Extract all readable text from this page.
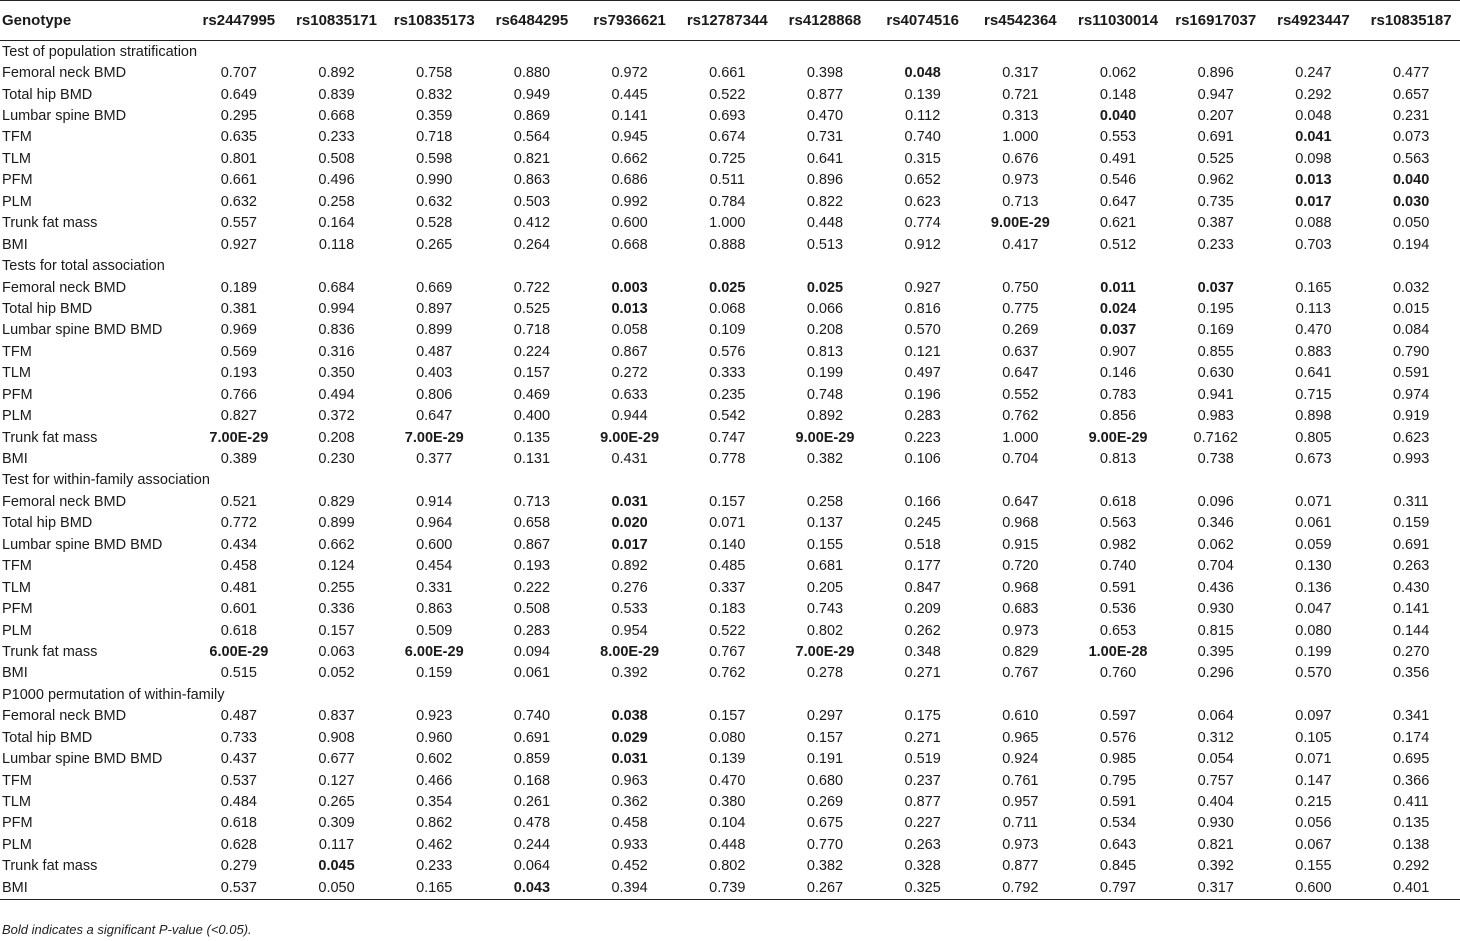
Genotype	rs2447995	rs10835171	rs10835173	rs6484295	rs7936621	rs12787344	rs4128868	rs4074516	rs4542364	rs11030014	rs16917037	rs4923447	rs10835187
Test of population stratification													
Femoral neck BMD	0.707	0.892	0.758	0.880	0.972	0.661	0.398	0.048	0.317	0.062	0.896	0.247	0.477
Total hip BMD	0.649	0.839	0.832	0.949	0.445	0.522	0.877	0.139	0.721	0.148	0.947	0.292	0.657
Lumbar spine BMD	0.295	0.668	0.359	0.869	0.141	0.693	0.470	0.112	0.313	0.040	0.207	0.048	0.231
TFM	0.635	0.233	0.718	0.564	0.945	0.674	0.731	0.740	1.000	0.553	0.691	0.041	0.073
TLM	0.801	0.508	0.598	0.821	0.662	0.725	0.641	0.315	0.676	0.491	0.525	0.098	0.563
PFM	0.661	0.496	0.990	0.863	0.686	0.511	0.896	0.652	0.973	0.546	0.962	0.013	0.040
PLM	0.632	0.258	0.632	0.503	0.992	0.784	0.822	0.623	0.713	0.647	0.735	0.017	0.030
Trunk fat mass	0.557	0.164	0.528	0.412	0.600	1.000	0.448	0.774	9.00E-29	0.621	0.387	0.088	0.050
BMI	0.927	0.118	0.265	0.264	0.668	0.888	0.513	0.912	0.417	0.512	0.233	0.703	0.194
Tests for total association													
Femoral neck BMD	0.189	0.684	0.669	0.722	0.003	0.025	0.025	0.927	0.750	0.011	0.037	0.165	0.032
Total hip BMD	0.381	0.994	0.897	0.525	0.013	0.068	0.066	0.816	0.775	0.024	0.195	0.113	0.015
Lumbar spine BMD BMD	0.969	0.836	0.899	0.718	0.058	0.109	0.208	0.570	0.269	0.037	0.169	0.470	0.084
TFM	0.569	0.316	0.487	0.224	0.867	0.576	0.813	0.121	0.637	0.907	0.855	0.883	0.790
TLM	0.193	0.350	0.403	0.157	0.272	0.333	0.199	0.497	0.647	0.146	0.630	0.641	0.591
PFM	0.766	0.494	0.806	0.469	0.633	0.235	0.748	0.196	0.552	0.783	0.941	0.715	0.974
PLM	0.827	0.372	0.647	0.400	0.944	0.542	0.892	0.283	0.762	0.856	0.983	0.898	0.919
Trunk fat mass	7.00E-29	0.208	7.00E-29	0.135	9.00E-29	0.747	9.00E-29	0.223	1.000	9.00E-29	0.7162	0.805	0.623
BMI	0.389	0.230	0.377	0.131	0.431	0.778	0.382	0.106	0.704	0.813	0.738	0.673	0.993
Test for within-family association													
Femoral neck BMD	0.521	0.829	0.914	0.713	0.031	0.157	0.258	0.166	0.647	0.618	0.096	0.071	0.311
Total hip BMD	0.772	0.899	0.964	0.658	0.020	0.071	0.137	0.245	0.968	0.563	0.346	0.061	0.159
Lumbar spine BMD BMD	0.434	0.662	0.600	0.867	0.017	0.140	0.155	0.518	0.915	0.982	0.062	0.059	0.691
TFM	0.458	0.124	0.454	0.193	0.892	0.485	0.681	0.177	0.720	0.740	0.704	0.130	0.263
TLM	0.481	0.255	0.331	0.222	0.276	0.337	0.205	0.847	0.968	0.591	0.436	0.136	0.430
PFM	0.601	0.336	0.863	0.508	0.533	0.183	0.743	0.209	0.683	0.536	0.930	0.047	0.141
PLM	0.618	0.157	0.509	0.283	0.954	0.522	0.802	0.262	0.973	0.653	0.815	0.080	0.144
Trunk fat mass	6.00E-29	0.063	6.00E-29	0.094	8.00E-29	0.767	7.00E-29	0.348	0.829	1.00E-28	0.395	0.199	0.270
BMI	0.515	0.052	0.159	0.061	0.392	0.762	0.278	0.271	0.767	0.760	0.296	0.570	0.356
P1000 permutation of within-family													
Femoral neck BMD	0.487	0.837	0.923	0.740	0.038	0.157	0.297	0.175	0.610	0.597	0.064	0.097	0.341
Total hip BMD	0.733	0.908	0.960	0.691	0.029	0.080	0.157	0.271	0.965	0.576	0.312	0.105	0.174
Lumbar spine BMD BMD	0.437	0.677	0.602	0.859	0.031	0.139	0.191	0.519	0.924	0.985	0.054	0.071	0.695
TFM	0.537	0.127	0.466	0.168	0.963	0.470	0.680	0.237	0.761	0.795	0.757	0.147	0.366
TLM	0.484	0.265	0.354	0.261	0.362	0.380	0.269	0.877	0.957	0.591	0.404	0.215	0.411
PFM	0.618	0.309	0.862	0.478	0.458	0.104	0.675	0.227	0.711	0.534	0.930	0.056	0.135
PLM	0.628	0.117	0.462	0.244	0.933	0.448	0.770	0.263	0.973	0.643	0.821	0.067	0.138
Trunk fat mass	0.279	0.045	0.233	0.064	0.452	0.802	0.382	0.328	0.877	0.845	0.392	0.155	0.292
BMI	0.537	0.050	0.165	0.043	0.394	0.739	0.267	0.325	0.792	0.797	0.317	0.600	0.401
Bold indicates a significant P-value (<0.05).
